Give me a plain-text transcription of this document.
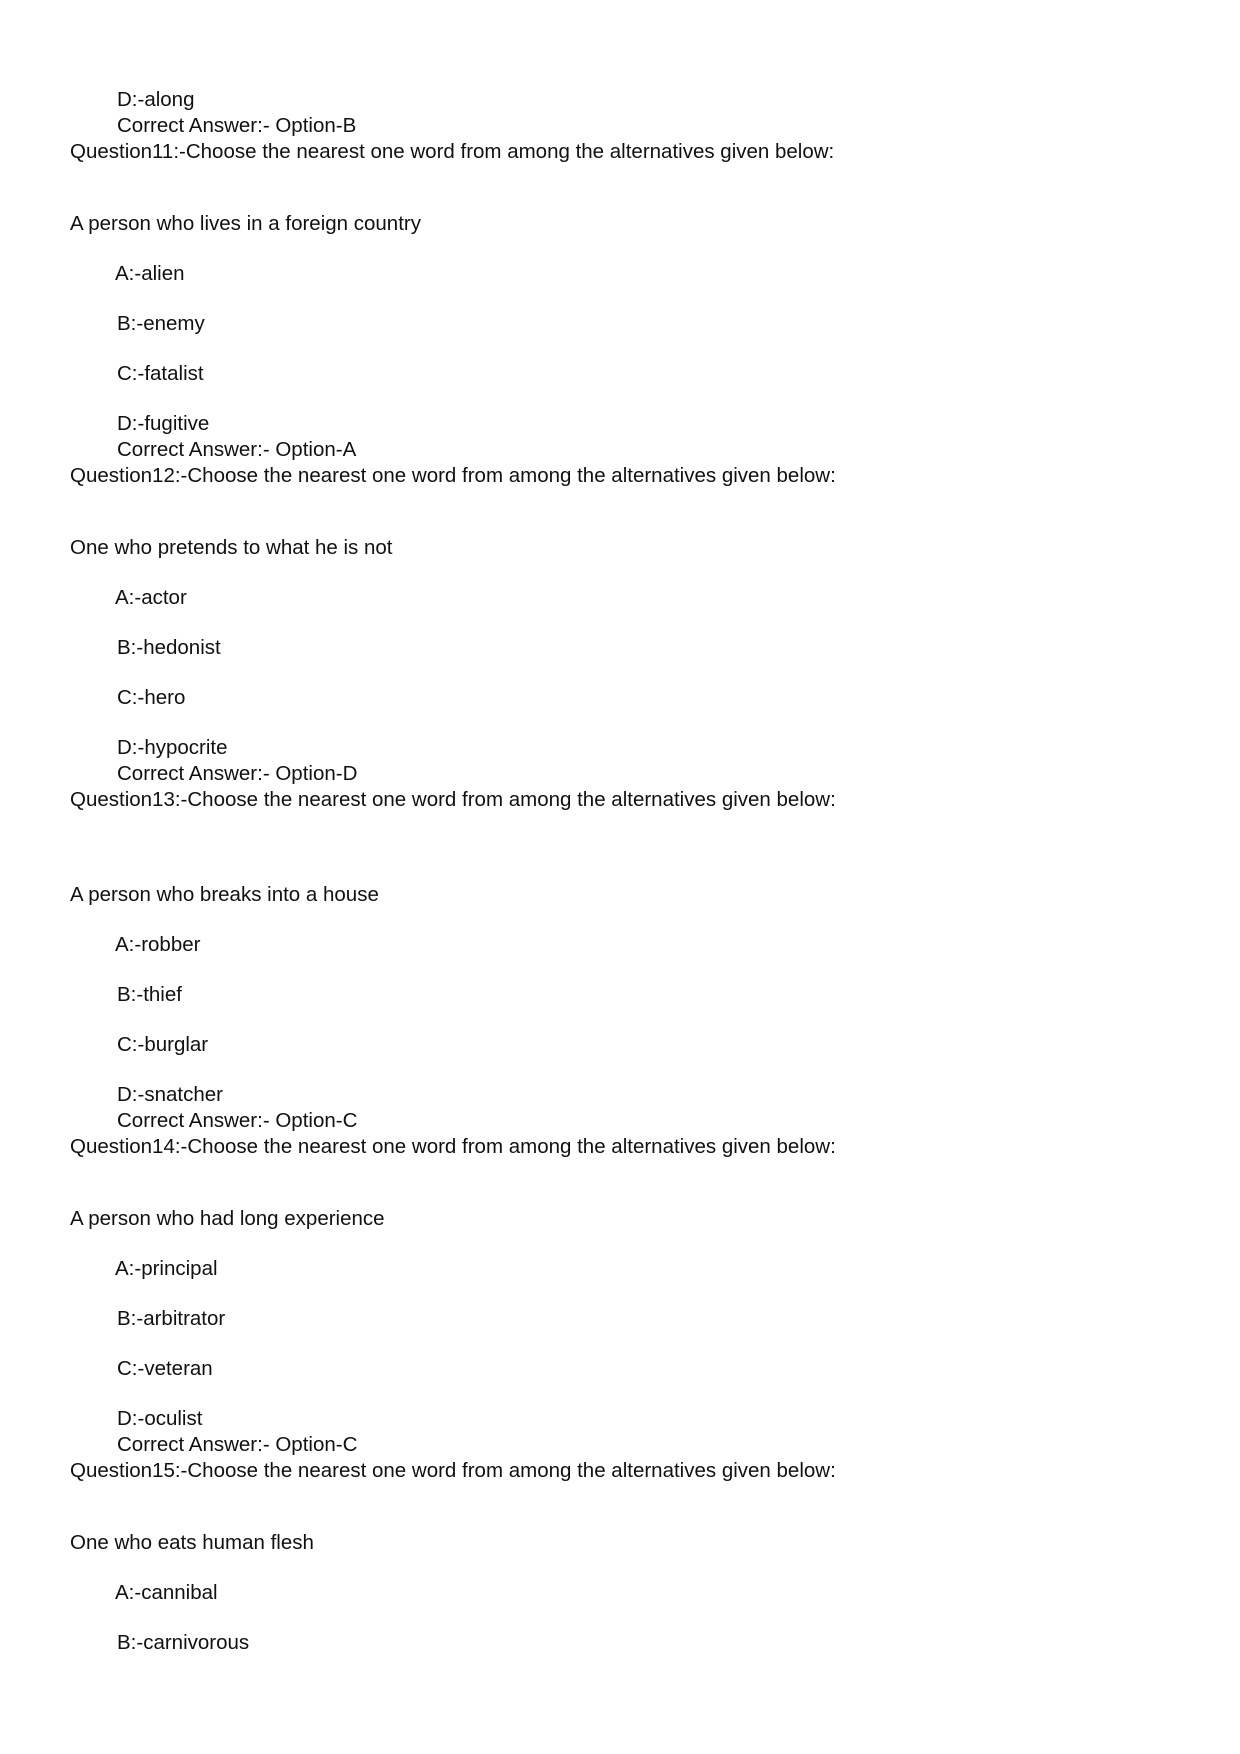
D:-along
Correct Answer:- Option-B
Question11:-Choose the nearest one word from among the alternatives given below:
A person who lives in a foreign country
A:-alien
B:-enemy
C:-fatalist
D:-fugitive
Correct Answer:- Option-A
Question12:-Choose the nearest one word from among the alternatives given below:
One who pretends to what he is not
A:-actor
B:-hedonist
C:-hero
D:-hypocrite
Correct Answer:- Option-D
Question13:-Choose the nearest one word from among the alternatives given below:
A person who breaks into a house
A:-robber
B:-thief
C:-burglar
D:-snatcher
Correct Answer:- Option-C
Question14:-Choose the nearest one word from among the alternatives given below:
A person who had long experience
A:-principal
B:-arbitrator
C:-veteran
D:-oculist
Correct Answer:- Option-C
Question15:-Choose the nearest one word from among the alternatives given below:
One who eats human flesh
A:-cannibal
B:-carnivorous
